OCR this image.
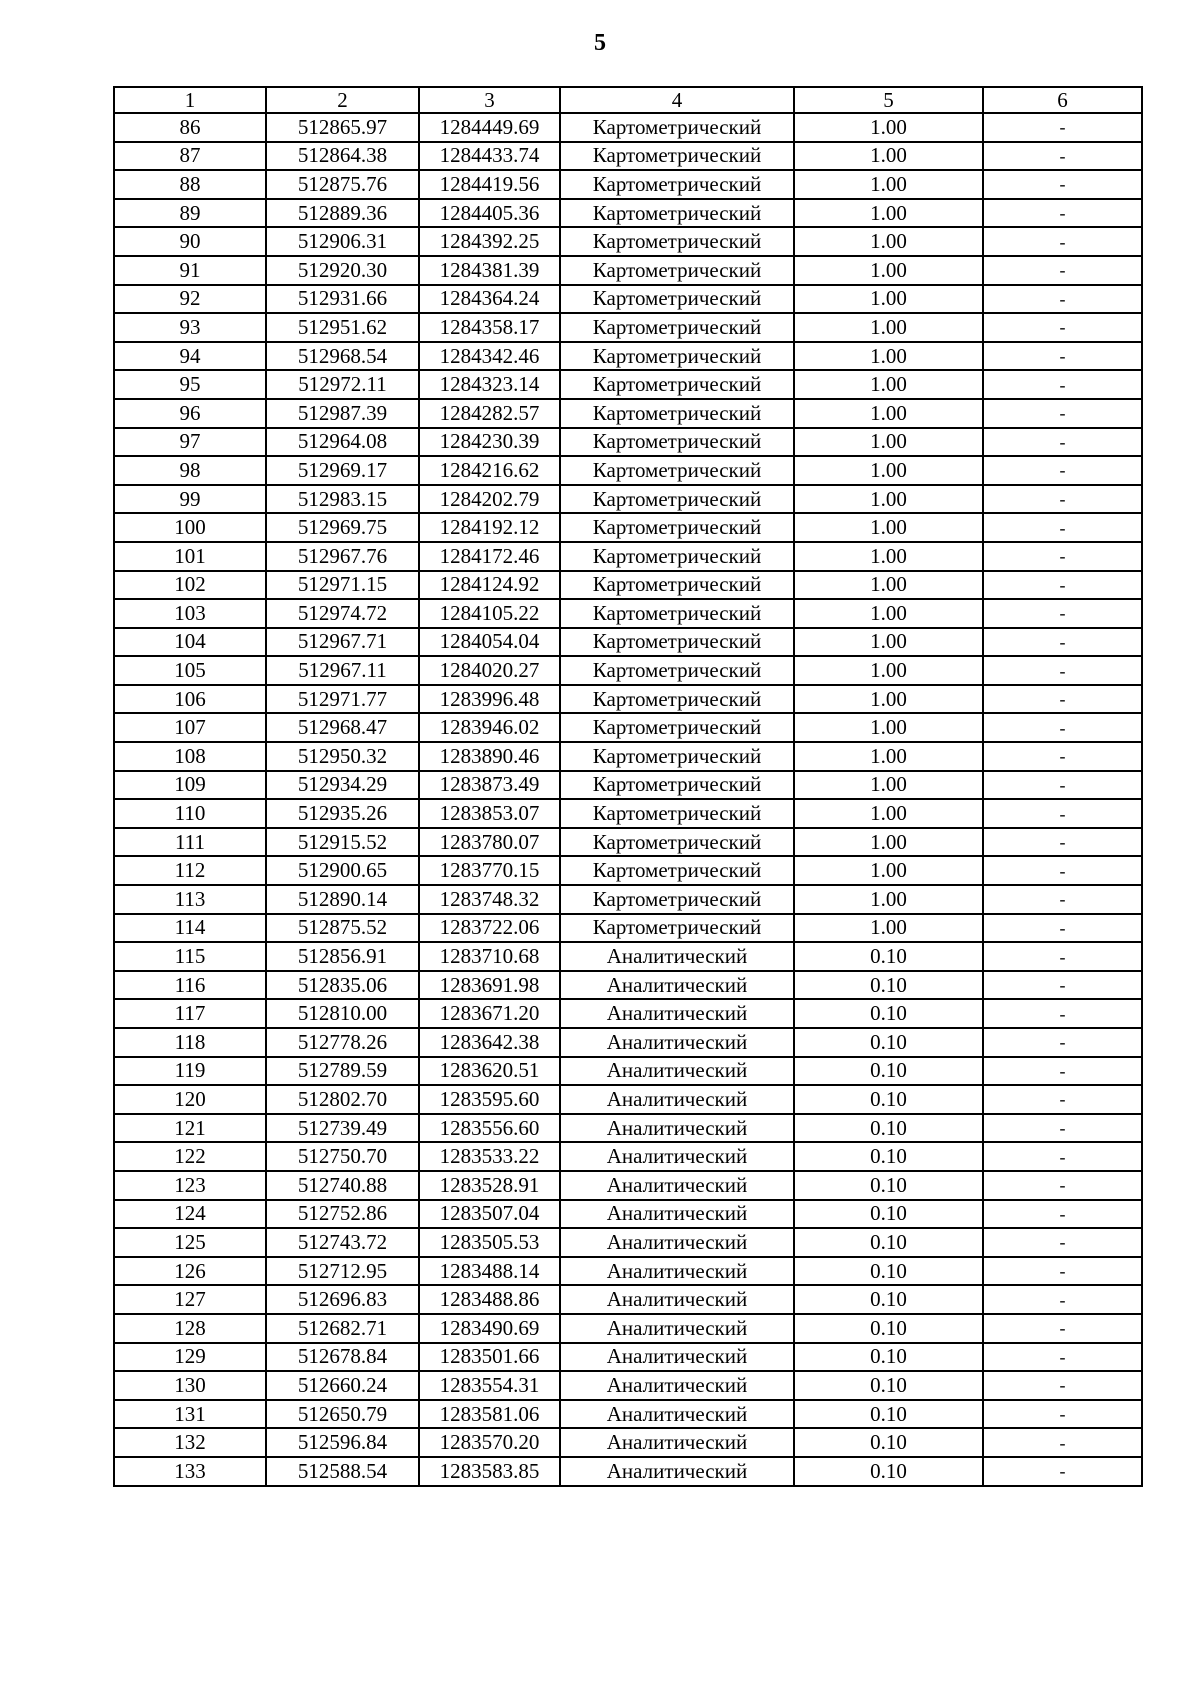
5
1	2	3	4	5	6
86	512865.97	1284449.69	Картометрический	1.00	-
87	512864.38	1284433.74	Картометрический	1.00	-
88	512875.76	1284419.56	Картометрический	1.00	-
89	512889.36	1284405.36	Картометрический	1.00	-
90	512906.31	1284392.25	Картометрический	1.00	-
91	512920.30	1284381.39	Картометрический	1.00	-
92	512931.66	1284364.24	Картометрический	1.00	-
93	512951.62	1284358.17	Картометрический	1.00	-
94	512968.54	1284342.46	Картометрический	1.00	-
95	512972.11	1284323.14	Картометрический	1.00	-
96	512987.39	1284282.57	Картометрический	1.00	-
97	512964.08	1284230.39	Картометрический	1.00	-
98	512969.17	1284216.62	Картометрический	1.00	-
99	512983.15	1284202.79	Картометрический	1.00	-
100	512969.75	1284192.12	Картометрический	1.00	-
101	512967.76	1284172.46	Картометрический	1.00	-
102	512971.15	1284124.92	Картометрический	1.00	-
103	512974.72	1284105.22	Картометрический	1.00	-
104	512967.71	1284054.04	Картометрический	1.00	-
105	512967.11	1284020.27	Картометрический	1.00	-
106	512971.77	1283996.48	Картометрический	1.00	-
107	512968.47	1283946.02	Картометрический	1.00	-
108	512950.32	1283890.46	Картометрический	1.00	-
109	512934.29	1283873.49	Картометрический	1.00	-
110	512935.26	1283853.07	Картометрический	1.00	-
111	512915.52	1283780.07	Картометрический	1.00	-
112	512900.65	1283770.15	Картометрический	1.00	-
113	512890.14	1283748.32	Картометрический	1.00	-
114	512875.52	1283722.06	Картометрический	1.00	-
115	512856.91	1283710.68	Аналитический	0.10	-
116	512835.06	1283691.98	Аналитический	0.10	-
117	512810.00	1283671.20	Аналитический	0.10	-
118	512778.26	1283642.38	Аналитический	0.10	-
119	512789.59	1283620.51	Аналитический	0.10	-
120	512802.70	1283595.60	Аналитический	0.10	-
121	512739.49	1283556.60	Аналитический	0.10	-
122	512750.70	1283533.22	Аналитический	0.10	-
123	512740.88	1283528.91	Аналитический	0.10	-
124	512752.86	1283507.04	Аналитический	0.10	-
125	512743.72	1283505.53	Аналитический	0.10	-
126	512712.95	1283488.14	Аналитический	0.10	-
127	512696.83	1283488.86	Аналитический	0.10	-
128	512682.71	1283490.69	Аналитический	0.10	-
129	512678.84	1283501.66	Аналитический	0.10	-
130	512660.24	1283554.31	Аналитический	0.10	-
131	512650.79	1283581.06	Аналитический	0.10	-
132	512596.84	1283570.20	Аналитический	0.10	-
133	512588.54	1283583.85	Аналитический	0.10	-
